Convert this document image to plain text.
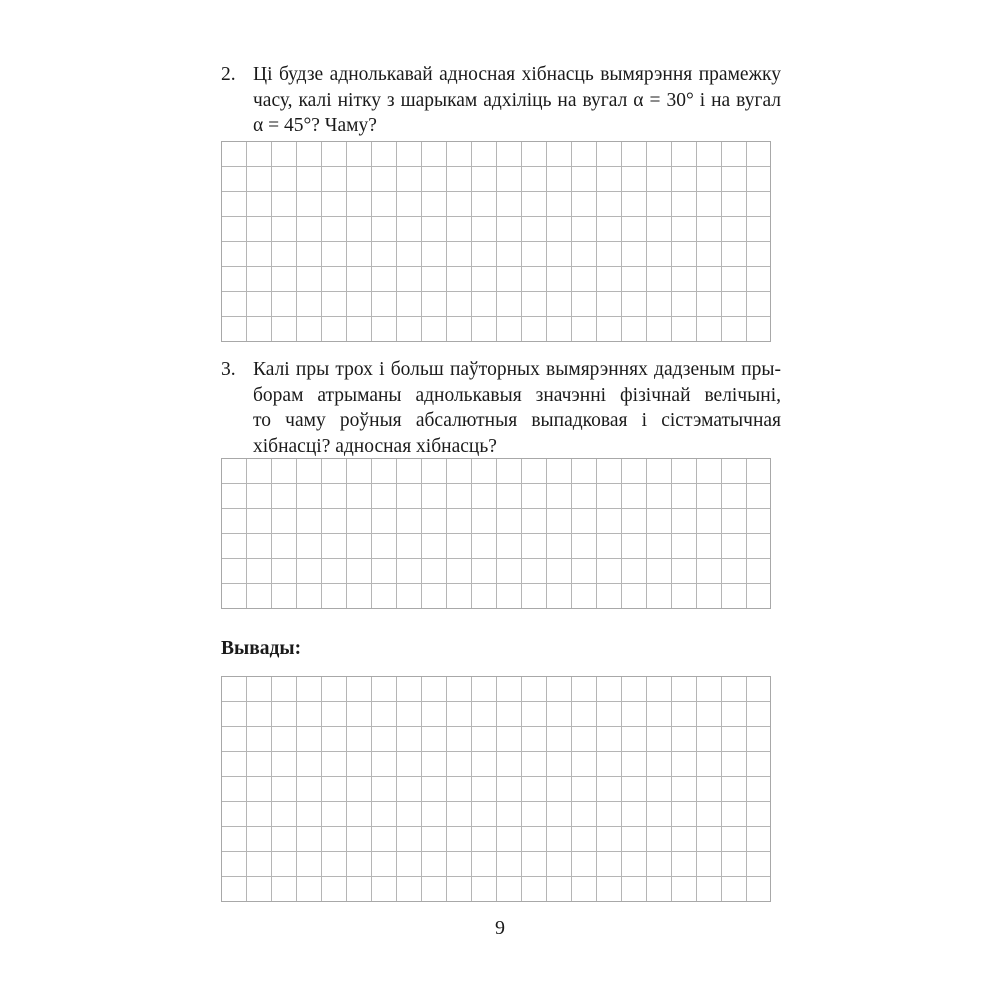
2. Ці будзе аднолькавай адносная хібнасць вымярэння прамежку
часу, калі нітку з шарыкам адхіліць на вугал α = 30° і на вугал
α = 45°? Чаму?
3. Калі пры трох і больш паўторных вымярэннях дадзеным пры-
борам атрыманы аднолькавыя значэнні фізічнай велічыні,
то чаму роўныя абсалютныя выпадковая і сістэматычная
хібнасці? адносная хібнасць?
Вывады:
9
